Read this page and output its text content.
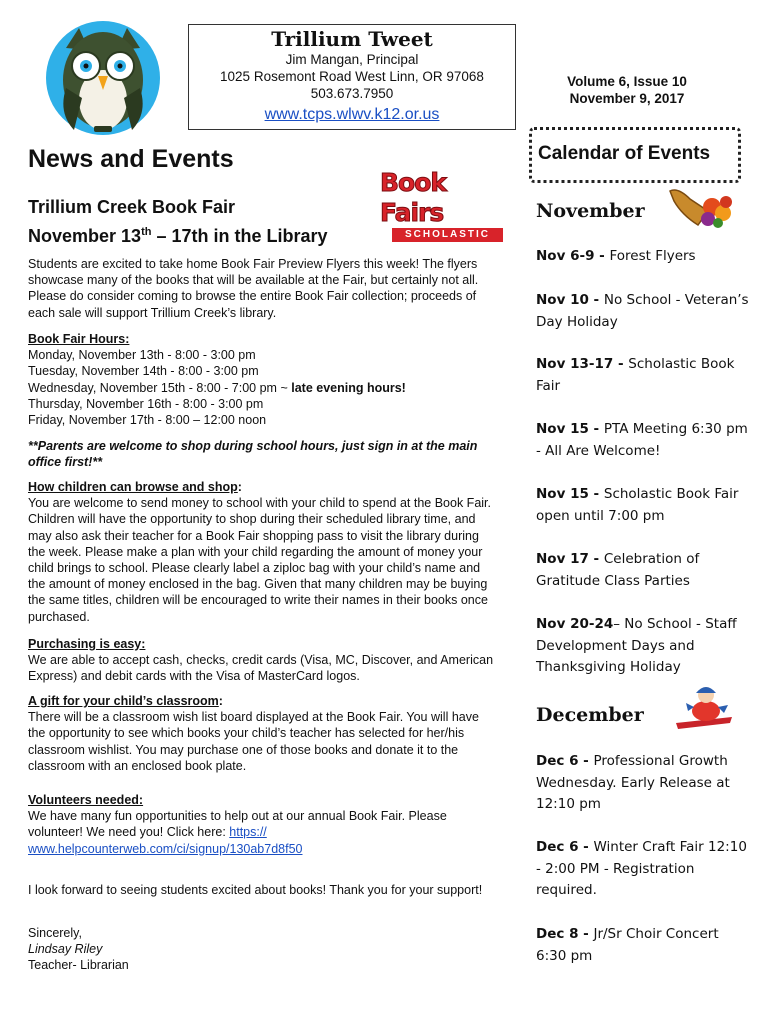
Trillium Tweet
Jim Mangan, Principal
1025 Rosemont Road West Linn, OR 97068
503.673.7950
www.tcps.wlwv.k12.or.us
Volume 6, Issue 10
November 9, 2017
News and Events
Book Fairs
SCHOLASTIC
Trillium Creek Book Fair
November 13th – 17th in the Library
Students are excited to take home Book Fair Preview Flyers this week! The flyers showcase many of the books that will be available at the Fair, but certainly not all. Please do consider coming to browse the entire Book Fair collection; proceeds of each sale will support Trillium Creek’s library.
Book Fair Hours:
Monday, November 13th - 8:00 - 3:00 pm
Tuesday, November 14th - 8:00 - 3:00 pm
Wednesday, November 15th - 8:00 - 7:00 pm ~ late evening hours!
Thursday, November 16th - 8:00 - 3:00 pm
Friday, November 17th - 8:00 – 12:00 noon
**Parents are welcome to shop during school hours, just sign in at the main office first!**
How children can browse and shop:
You are welcome to send money to school with your child to spend at the Book Fair. Children will have the opportunity to shop during their scheduled library time, and may also ask their teacher for a Book Fair shopping pass to visit the library during the week. Please make a plan with your child regarding the amount of money your child brings to school. Please clearly label a ziploc bag with your child’s name and the amount of money enclosed in the bag. Given that many children may be buying the same titles, children will be encouraged to write their names in their books once purchased.
Purchasing is easy:
We are able to accept cash, checks, credit cards (Visa, MC, Discover, and American Express) and debit cards with the Visa of MasterCard logos.
A gift for your child’s classroom:
There will be a classroom wish list board displayed at the Book Fair. You will have the opportunity to see which books your child’s teacher has selected for her/his classroom wishlist. You may purchase one of those books and donate it to the classroom with an enclosed book plate.
Volunteers needed:
We have many fun opportunities to help out at our annual Book Fair. Please volunteer! We need you! Click here: https://
www.helpcounterweb.com/ci/signup/130ab7d8f50
I look forward to seeing students excited about books! Thank you for your support!
Sincerely,
Lindsay Riley
Teacher- Librarian
Calendar of Events
November
Nov 6-9 - Forest Flyers
Nov 10 - No School - Veteran’s Day Holiday
Nov 13-17 - Scholastic Book Fair
Nov 15 - PTA Meeting 6:30 pm - All Are Welcome!
Nov 15 - Scholastic Book Fair open until 7:00 pm
Nov 17 - Celebration of Gratitude Class Parties
Nov 20-24– No School - Staff Development Days and Thanksgiving Holiday
December
Dec 6 - Professional Growth Wednesday. Early Release at 12:10 pm
Dec 6 - Winter Craft Fair 12:10 - 2:00 PM - Registration required.
Dec 8 - Jr/Sr Choir Concert 6:30 pm
